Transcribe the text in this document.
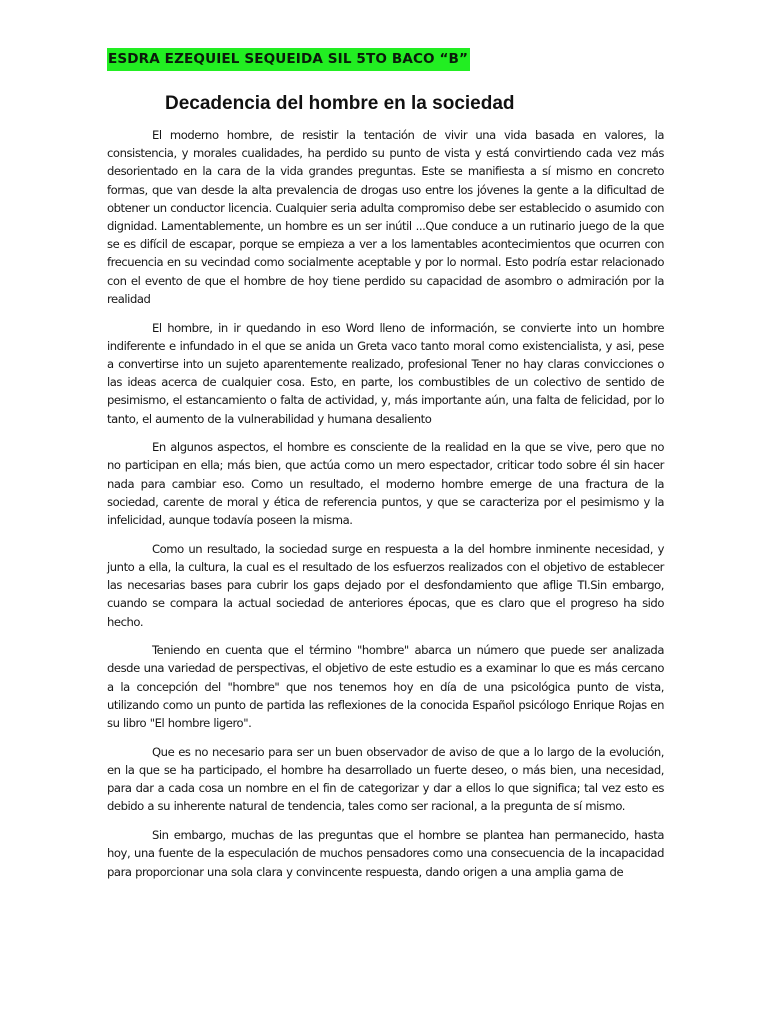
ESDRA EZEQUIEL SEQUEIDA SIL 5TO BACO “B”
Decadencia del hombre en la sociedad

El moderno hombre, de resistir la tentación de vivir una vida basada en valores, la consistencia, y morales cualidades, ha perdido su punto de vista y está convirtiendo cada vez más desorientado en la cara de la vida grandes preguntas. Este se manifiesta a sí mismo en concreto formas, que van desde la alta prevalencia de drogas uso entre los jóvenes la gente a la dificultad de obtener un conductor licencia. Cualquier seria adulta compromiso debe ser establecido o asumido con dignidad. Lamentablemente, un hombre es un ser inútil ...Que conduce a un rutinario juego de la que se es difícil de escapar, porque se empieza a ver a los lamentables acontecimientos que ocurren con frecuencia en su vecindad como socialmente aceptable y por lo normal. Esto podría estar relacionado con el evento de que el hombre de hoy tiene perdido su capacidad de asombro o admiración por la realidad

El hombre, in ir quedando in eso Word lleno de información, se convierte into un hombre indiferente e infundado in el que se anida un Greta vaco tanto moral como existencialista, y asi, pese a convertirse into un sujeto aparentemente realizado, profesional Tener no hay claras convicciones o las ideas acerca de cualquier cosa. Esto, en parte, los combustibles de un colectivo de sentido de pesimismo, el estancamiento o falta de actividad, y, más importante aún, una falta de felicidad, por lo tanto, el aumento de la vulnerabilidad y humana desaliento

En algunos aspectos, el hombre es consciente de la realidad en la que se vive, pero que no no participan en ella; más bien, que actúa como un mero espectador, criticar todo sobre él sin hacer nada para cambiar eso. Como un resultado, el moderno hombre emerge de una fractura de la sociedad, carente de moral y ética de referencia puntos, y que se caracteriza por el pesimismo y la infelicidad, aunque todavía poseen la misma.

Como un resultado, la sociedad surge en respuesta a la del hombre inminente necesidad, y junto a ella, la cultura, la cual es el resultado de los esfuerzos realizados con el objetivo de establecer las necesarias bases para cubrir los gaps dejado por el desfondamiento que aflige TI.Sin embargo, cuando se compara la actual sociedad de anteriores épocas, que es claro que el progreso ha sido hecho.

Teniendo en cuenta que el término "hombre" abarca un número que puede ser analizada desde una variedad de perspectivas, el objetivo de este estudio es a examinar lo que es más cercano a la concepción del "hombre" que nos tenemos hoy en día de una psicológica punto de vista, utilizando como un punto de partida las reflexiones de la conocida Español psicólogo Enrique Rojas en su libro "El hombre ligero".

Que es no necesario para ser un buen observador de aviso de que a lo largo de la evolución, en la que se ha participado, el hombre ha desarrollado un fuerte deseo, o más bien, una necesidad, para dar a cada cosa un nombre en el fin de categorizar y dar a ellos lo que significa; tal vez esto es debido a su inherente natural de tendencia, tales como ser racional, a la pregunta de sí mismo.

Sin embargo, muchas de las preguntas que el hombre se plantea han permanecido, hasta hoy, una fuente de la especulación de muchos pensadores como una consecuencia de la incapacidad para proporcionar una sola clara y convincente respuesta, dando origen a una amplia gama de
